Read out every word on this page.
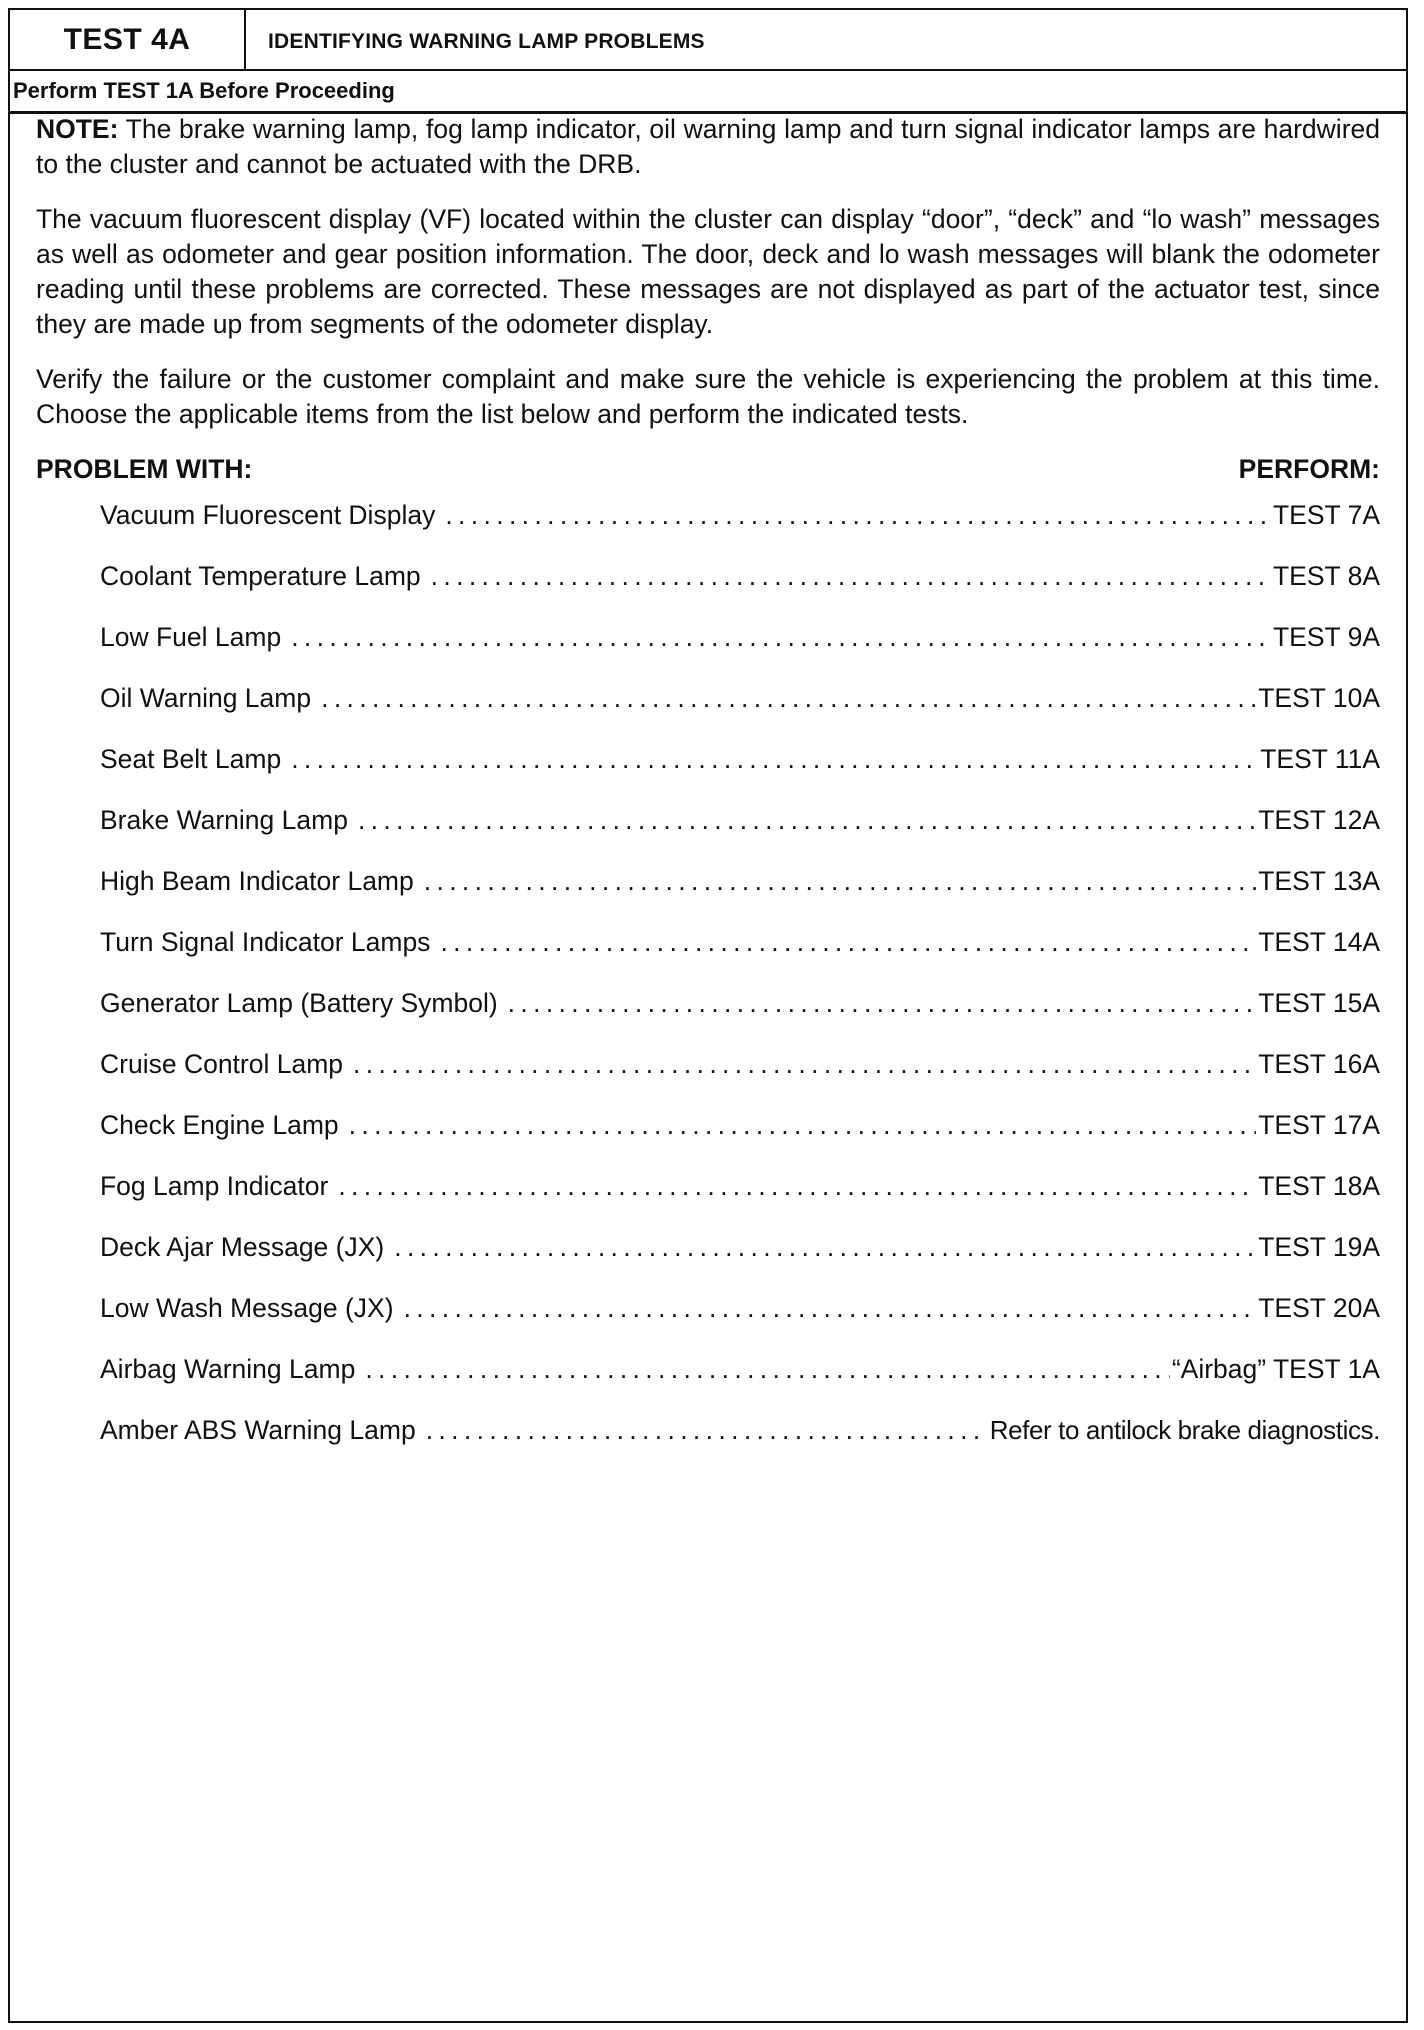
TEST 4A	IDENTIFYING WARNING LAMP PROBLEMS
Perform TEST 1A Before Proceeding

NOTE: The brake warning lamp, fog lamp indicator, oil warning lamp and turn signal indicator lamps are hardwired to the cluster and cannot be actuated with the DRB.

The vacuum fluorescent display (VF) located within the cluster can display “door”, “deck” and “lo wash” messages as well as odometer and gear position information. The door, deck and lo wash messages will blank the odometer reading until these problems are corrected. These messages are not displayed as part of the actuator test, since they are made up from segments of the odometer display.

Verify the failure or the customer complaint and make sure the vehicle is experiencing the problem at this time. Choose the applicable items from the list below and perform the indicated tests.

PROBLEM WITH:	PERFORM:
Vacuum Fluorescent Display . . .	TEST 7A
Coolant Temperature Lamp . . .	TEST 8A
Low Fuel Lamp . . .	TEST 9A
Oil Warning Lamp . . .	TEST 10A
Seat Belt Lamp . . .	TEST 11A
Brake Warning Lamp . . .	TEST 12A
High Beam Indicator Lamp . . .	TEST 13A
Turn Signal Indicator Lamps . . .	TEST 14A
Generator Lamp (Battery Symbol) . . .	TEST 15A
Cruise Control Lamp . . .	TEST 16A
Check Engine Lamp . . .	TEST 17A
Fog Lamp Indicator . . .	TEST 18A
Deck Ajar Message (JX) . . .	TEST 19A
Low Wash Message (JX) . . .	TEST 20A
Airbag Warning Lamp . . .	“Airbag” TEST 1A
Amber ABS Warning Lamp . . .	Refer to antilock brake diagnostics.
